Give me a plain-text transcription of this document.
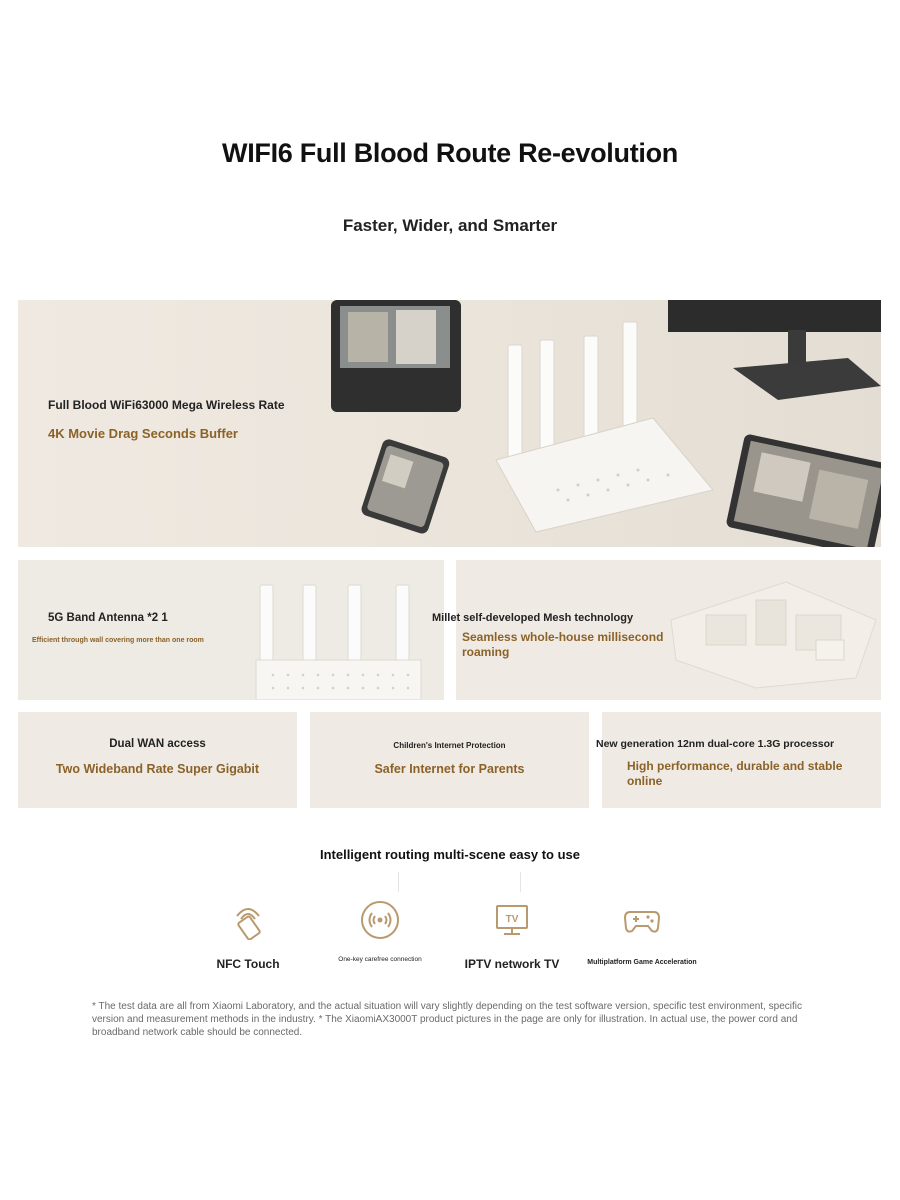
WIFI6 Full Blood Route Re-evolution
Faster, Wider, and Smarter
Full Blood WiFi63000 Mega Wireless Rate
4K Movie Drag Seconds Buffer
5G Band Antenna *2 1
Efficient through wall covering more than one room
Millet self-developed Mesh technology
Seamless whole-house millisecond roaming
Dual WAN access
Two Wideband Rate Super Gigabit
Children's Internet Protection
Safer Internet for Parents
New generation 12nm dual-core 1.3G processor
High performance, durable and stable online
Intelligent routing multi-scene easy to use
NFC Touch	One-key carefree connection
TV
IPTV network TV	Multiplatform Game Acceleration
* The test data are all from Xiaomi Laboratory, and the actual situation will vary slightly depending on the test software version, specific test environment, specific version and measurement methods in the industry. * The XiaomiAX3000T product pictures in the page are only for illustration. In actual use, the power cord and broadband network cable should be connected.
